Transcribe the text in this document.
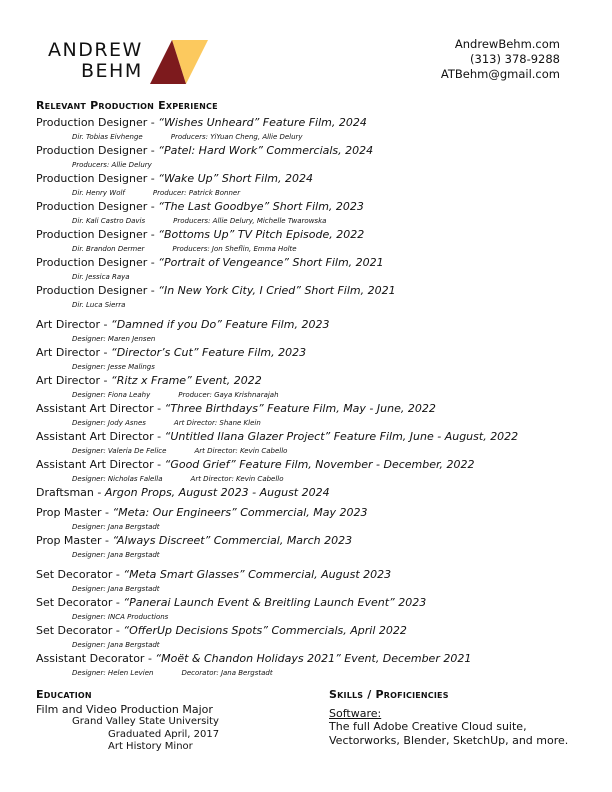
ANDREW
BEHM
AndrewBehm.com
(313) 378-9288
ATBehm@gmail.com
Relevant Production Experience
Production Designer - “Wishes Unheard” Feature Film, 2024
Dir. Tobias Eivhenge	Producers: YiYuan Cheng, Allie Delury
Production Designer - “Patel: Hard Work” Commercials, 2024
Producers: Allie Delury
Production Designer - “Wake Up” Short Film, 2024
Dir. Henry Wolf	Producer: Patrick Bonner
Production Designer - “The Last Goodbye” Short Film, 2023
Dir. Kali Castro Davis	Producers: Allie Delury, Michelle Twarowska
Production Designer - “Bottoms Up” TV Pitch Episode, 2022
Dir. Brandon Dermer	Producers: Jon Sheflin, Emma Holte
Production Designer - “Portrait of Vengeance” Short Film, 2021
Dir. Jessica Raya
Production Designer - “In New York City, I Cried” Short Film, 2021
Dir. Luca Sierra
Art Director - “Damned if you Do” Feature Film, 2023
Designer: Maren Jensen
Art Director - “Director’s Cut” Feature Film, 2023
Designer: Jesse Malings
Art Director - “Ritz x Frame” Event, 2022
Designer: Fiona Leahy	Producer: Gaya Krishnarajah
Assistant Art Director - “Three Birthdays” Feature Film, May - June, 2022
Designer: Jody Asnes	Art Director: Shane Klein
Assistant Art Director - “Untitled Ilana Glazer Project” Feature Film, June - August, 2022
Designer: Valeria De Felice	Art Director: Kevin Cabello
Assistant Art Director - “Good Grief” Feature Film, November - December, 2022
Designer: Nicholas Falella	Art Director: Kevin Cabello
Draftsman - Argon Props, August 2023 - August 2024
Prop Master - “Meta: Our Engineers” Commercial, May 2023
Designer: Jana Bergstadt
Prop Master - “Always Discreet” Commercial, March 2023
Designer: Jana Bergstadt
Set Decorator - “Meta Smart Glasses” Commercial, August 2023
Designer: Jana Bergstadt
Set Decorator - “Panerai Launch Event & Breitling Launch Event” 2023
Designer: INCA Productions
Set Decorator - “OfferUp Decisions Spots” Commercials, April 2022
Designer: Jana Bergstadt
Assistant Decorator - “Moët & Chandon Holidays 2021” Event, December 2021
Designer: Helen Levien	Decorator: Jana Bergstadt
Education
Film and Video Production Major
Grand Valley State University
Graduated April, 2017
Art History Minor
Skills / Proficiencies
Software:
The full Adobe Creative Cloud suite,
Vectorworks, Blender, SketchUp, and more.
